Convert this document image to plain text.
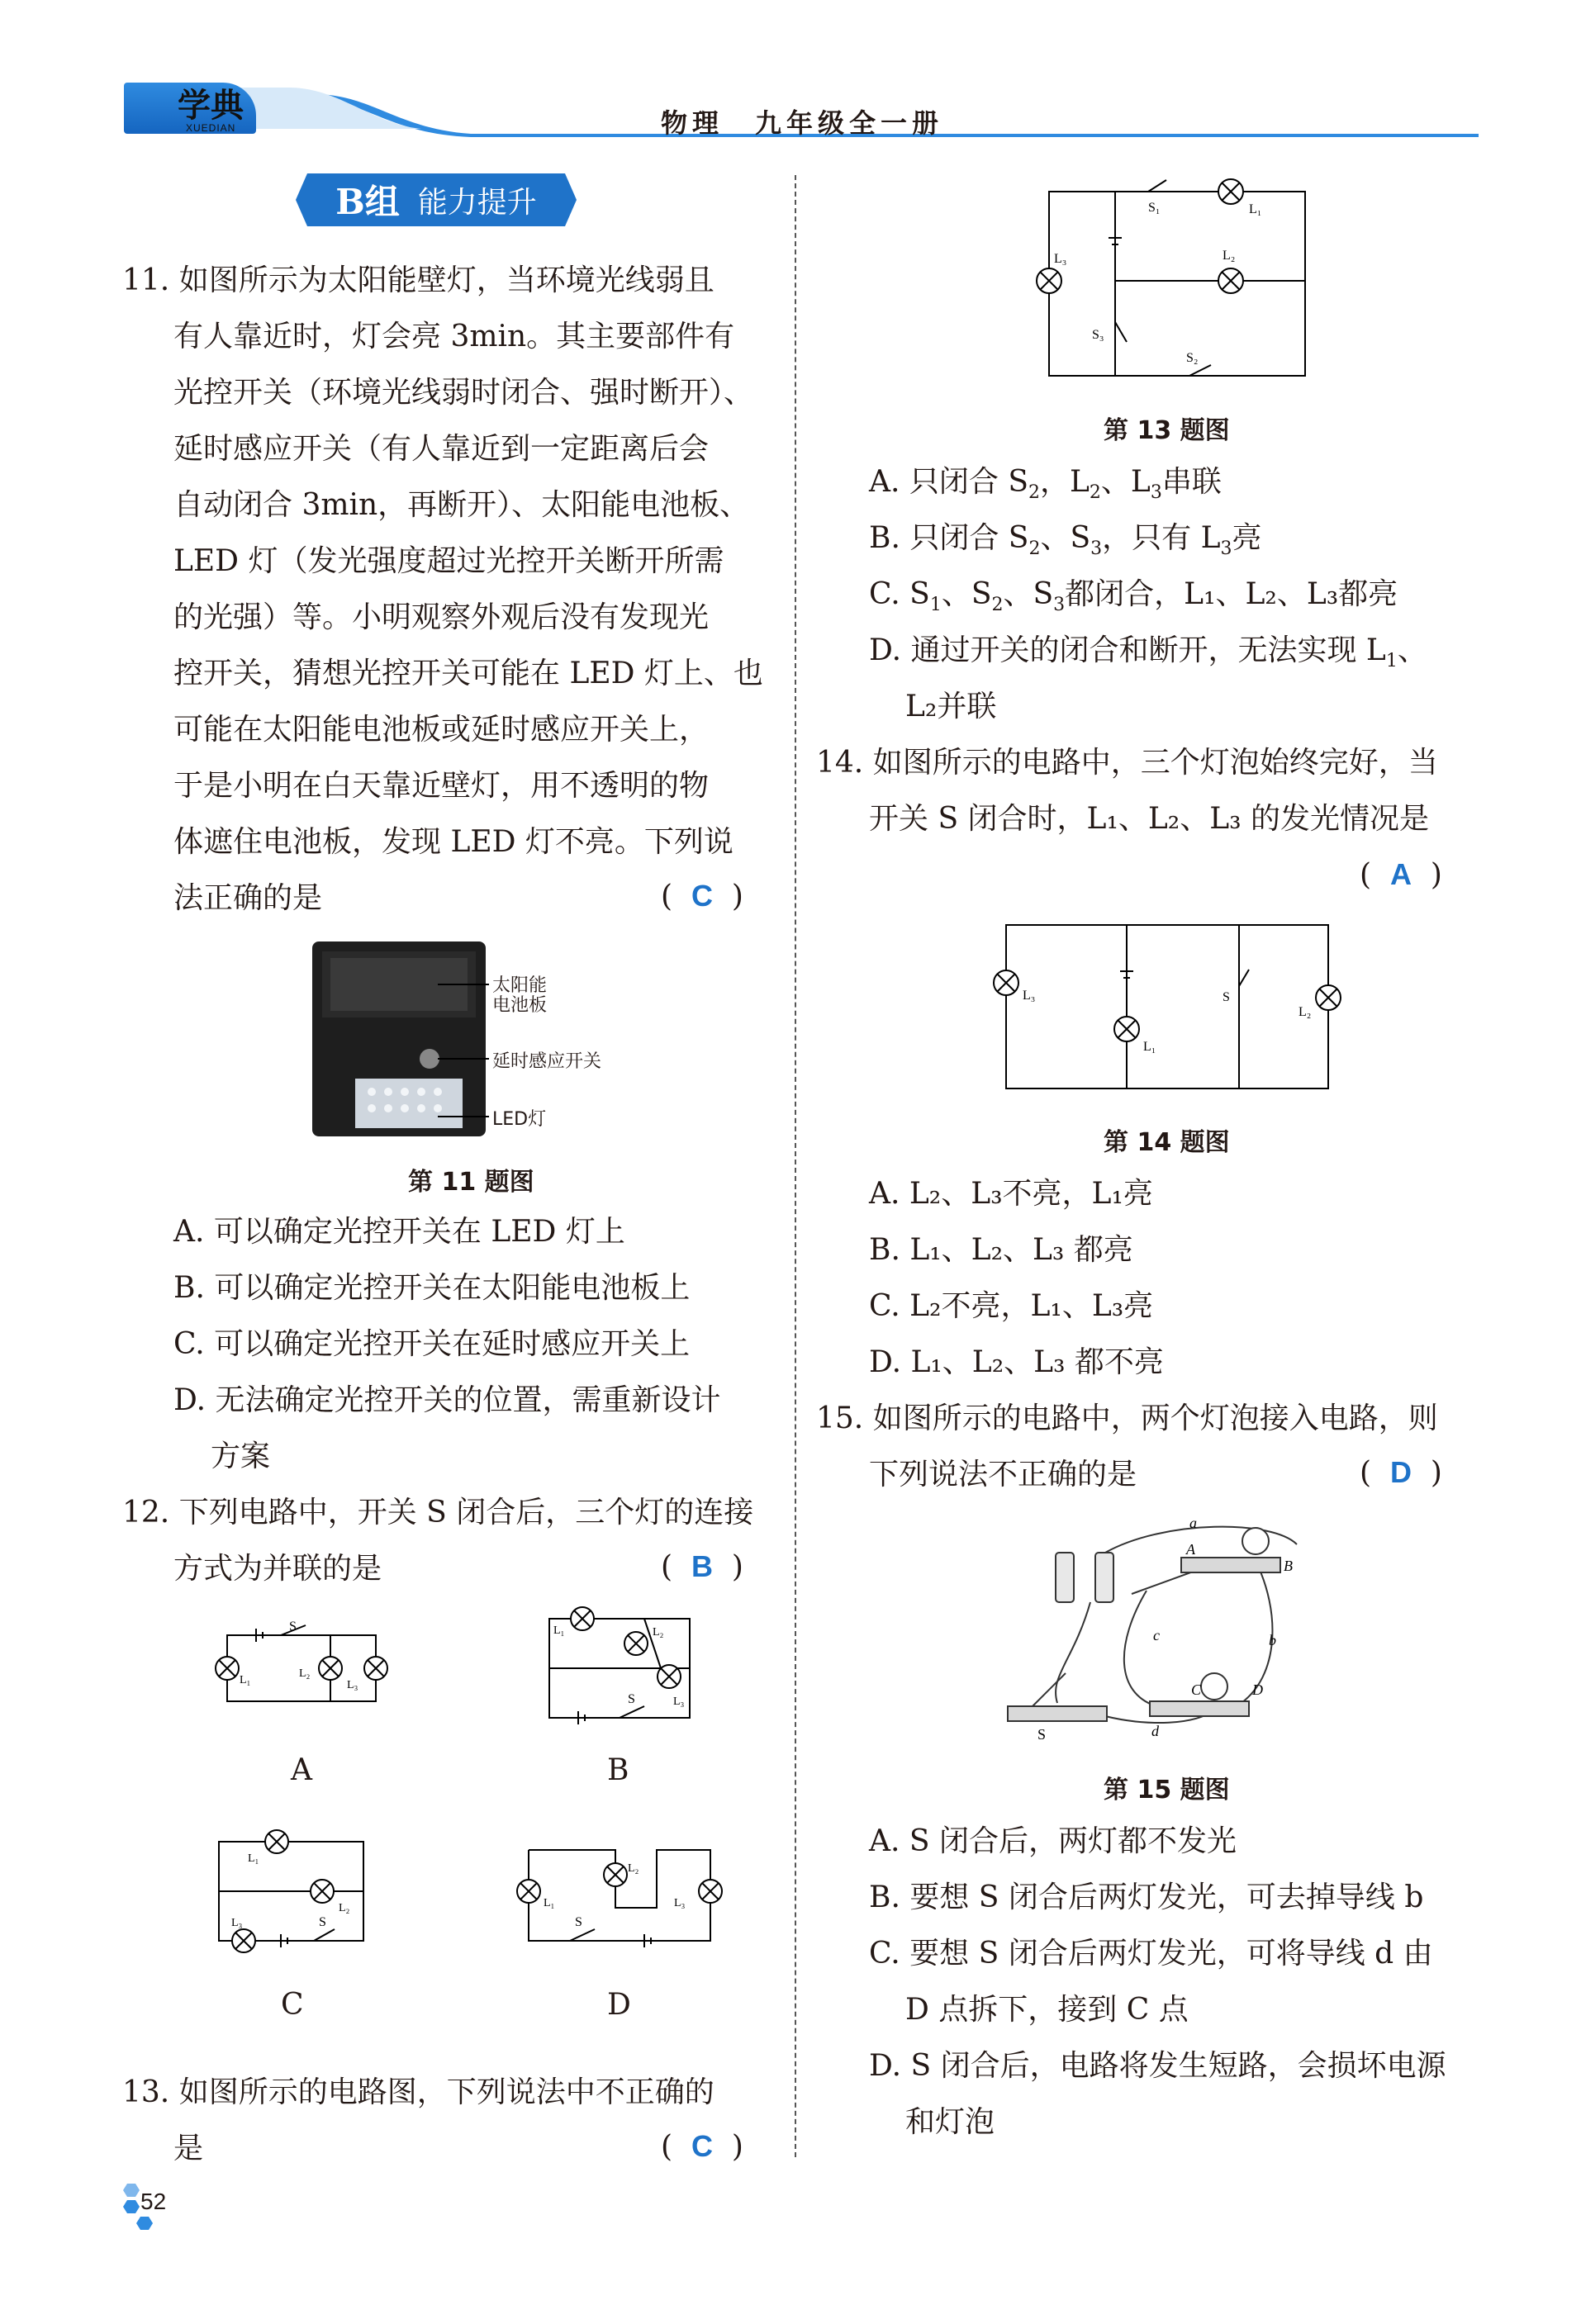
学典
XUEDIAN	物理　九年级全一册
B组 能力提升
11. 如图所示为太阳能壁灯，当环境光线弱且
有人靠近时，灯会亮 3min。其主要部件有
光控开关（环境光线弱时闭合、强时断开）、
延时感应开关（有人靠近到一定距离后会
自动闭合 3min，再断开）、太阳能电池板、
LED 灯（发光强度超过光控开关断开所需
的光强）等。小明观察外观后没有发现光
控开关，猜想光控开关可能在 LED 灯上、也
可能在太阳能电池板或延时感应开关上，
于是小明在白天靠近壁灯，用不透明的物
体遮住电池板，发现 LED 灯不亮。下列说
法正确的是	(  C  )
太阳能
电池板
延时感应开关
LED灯
第 11 题图
A. 可以确定光控开关在 LED 灯上
B. 可以确定光控开关在太阳能电池板上
C. 可以确定光控开关在延时感应开关上
D. 无法确定光控开关的位置，需重新设计
方案
12. 下列电路中，开关 S 闭合后，三个灯的连接
方式为并联的是	(  B  )
S
L₁
L₂
L₃
A
L₁	L₂
S	L₃
B
L₁
L₂
L₃	S
C
L₁
L₂
L₃
S
D
13. 如图所示的电路图，下列说法中不正确的
是	(  C  )
S₁	L₁
L₂
L₃
S₃
S₂
第 13 题图
A. 只闭合 $S_2$，$L_2$、$L_3$串联
B. 只闭合 $S_2$、$S_3$，只有 $L_3$亮
C. $S_1$、$S_2$、$S_3$都闭合，L₁、L₂、L₃都亮
D. 通过开关的闭合和断开，无法实现 $L_1$、
L₂并联
14. 如图所示的电路中，三个灯泡始终完好，当
开关 S 闭合时，L₁、L₂、L₃ 的发光情况是
(  A  )
L₃
L₁
S
L₂
第 14 题图
A. L₂、L₃不亮，L₁亮
B. L₁、L₂、L₃ 都亮
C. L₂不亮，L₁、L₃亮
D. L₁、L₂、L₃ 都不亮
15. 如图所示的电路中，两个灯泡接入电路，则
下列说法不正确的是	(  D  )
a
A
B
c	b
C	D
S	d
第 15 题图
A. S 闭合后，两灯都不发光
B. 要想 S 闭合后两灯发光，可去掉导线 b
C. 要想 S 闭合后两灯发光，可将导线 d 由
D 点拆下，接到 C 点
D. S 闭合后，电路将发生短路，会损坏电源
和灯泡
52
